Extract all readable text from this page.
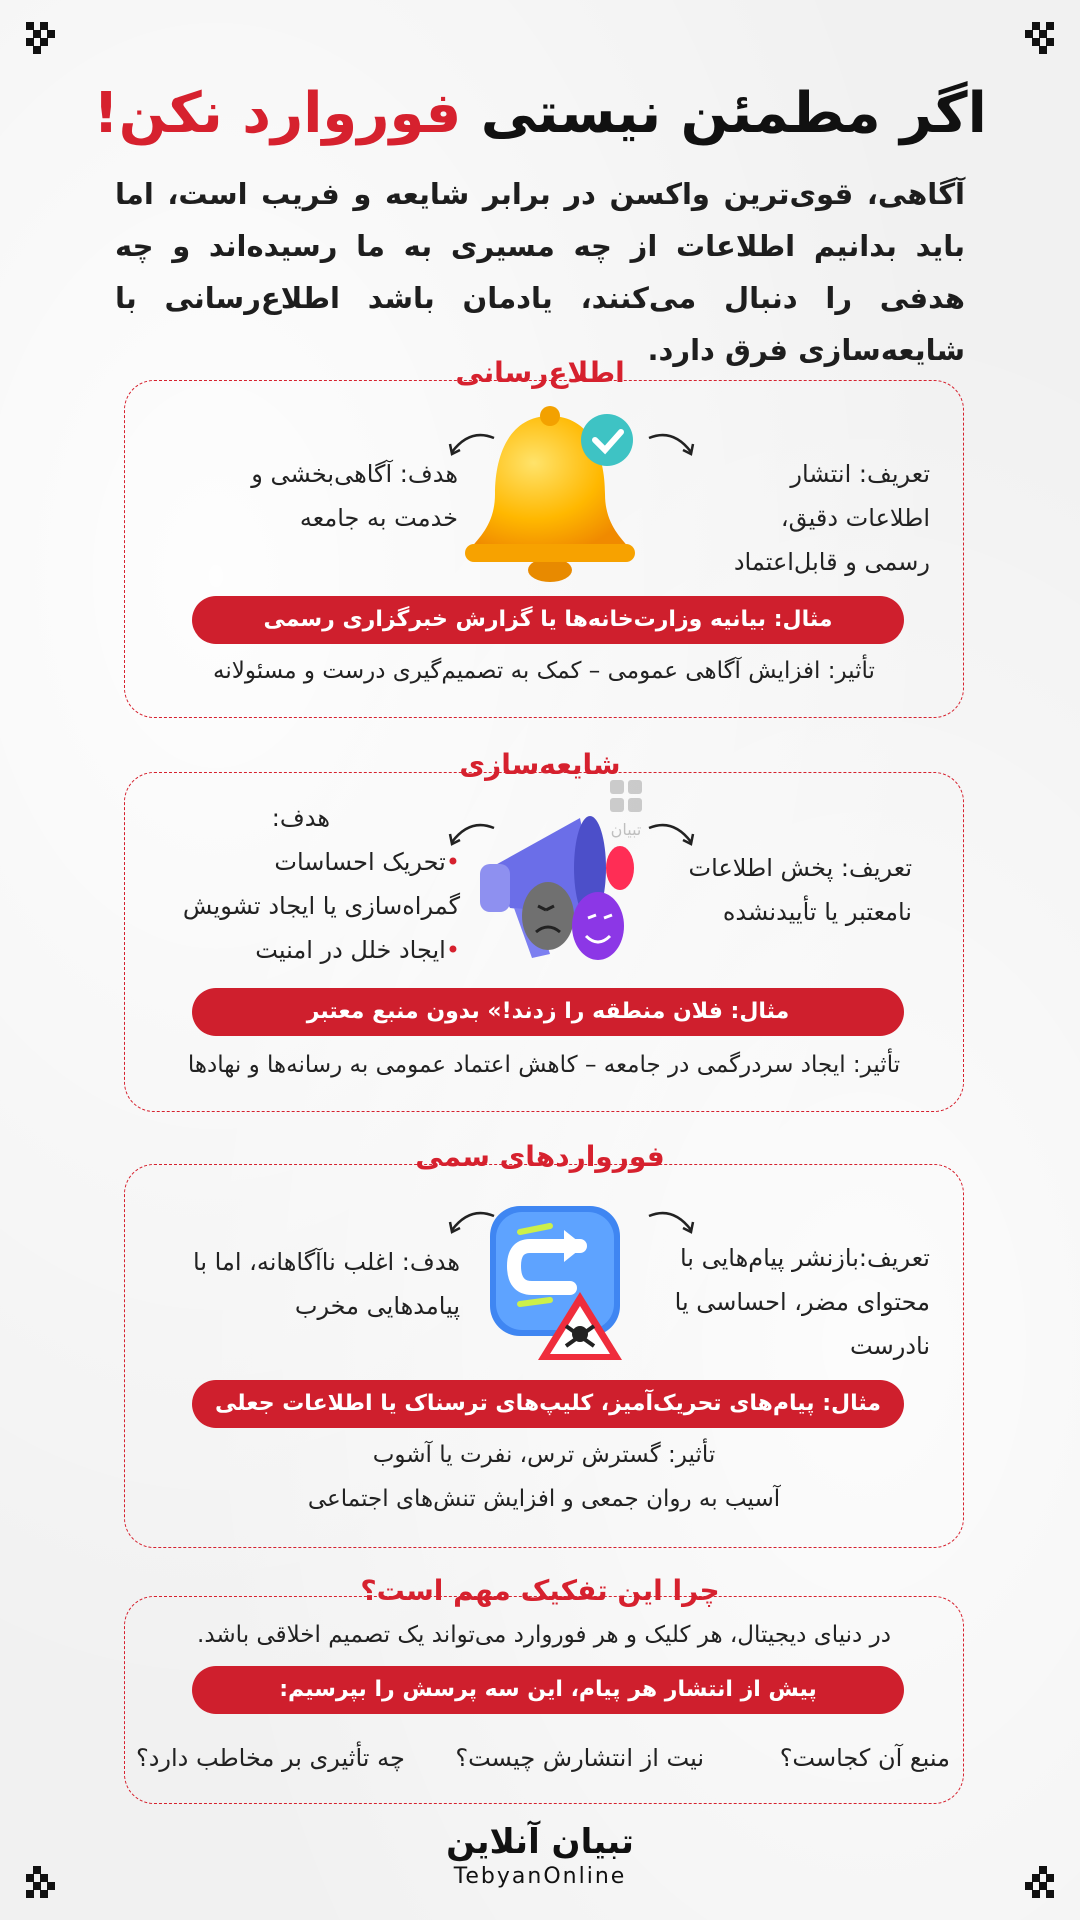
اگر مطمئن نیستی فوروارد نکن!

آگاهی، قوی‌ترین واکسن در برابر شایعه و فریب است، اما باید بدانیم اطلاعات از چه مسیری به ما رسیده‌اند و چه هدفی را دنبال می‌کنند، یادمان باشد اطلاع‌رسانی با شایعه‌سازی فرق دارد.

اطلاع‌رسانی
تعریف: انتشار اطلاعات دقیق، رسمی و قابل‌اعتماد
هدف: آگاهی‌بخشی و خدمت به جامعه
مثال: بیانیه وزارت‌خانه‌ها یا گزارش خبرگزاری رسمی
تأثیر: افزایش آگاهی عمومی – کمک به تصمیم‌گیری درست و مسئولانه
شایعه‌سازی
تعریف: پخش اطلاعات نامعتبر یا تأییدنشده
هدف:
•تحریک احساسات
گمراه‌سازی یا ایجاد تشویش
•ایجاد خلل در امنیت
تبیان
مثال: فلان منطقه را زدند!» بدون منبع معتبر
تأثیر: ایجاد سردرگمی در جامعه – کاهش اعتماد عمومی به رسانه‌ها و نهادها
فورواردهای سمی
تعریف:بازنشر پیام‌هایی با محتوای مضر، احساسی یا نادرست
هدف: اغلب ناآگاهانه، اما با پیامدهایی مخرب
مثال: پیام‌های تحریک‌آمیز، کلیپ‌های ترسناک یا اطلاعات جعلی
تأثیر: گسترش ترس، نفرت یا آشوب
آسیب به روان جمعی و افزایش تنش‌های اجتماعی
چرا این تفکیک مهم است؟
در دنیای دیجیتال، هر کلیک و هر فوروارد می‌تواند یک تصمیم اخلاقی باشد.
پیش از انتشار هر پیام، این سه پرسش را بپرسیم:
منبع آن کجاست؟
نیت از انتشارش چیست؟
چه تأثیری بر مخاطب دارد؟
تبیان آنلاین
TebyanOnline
